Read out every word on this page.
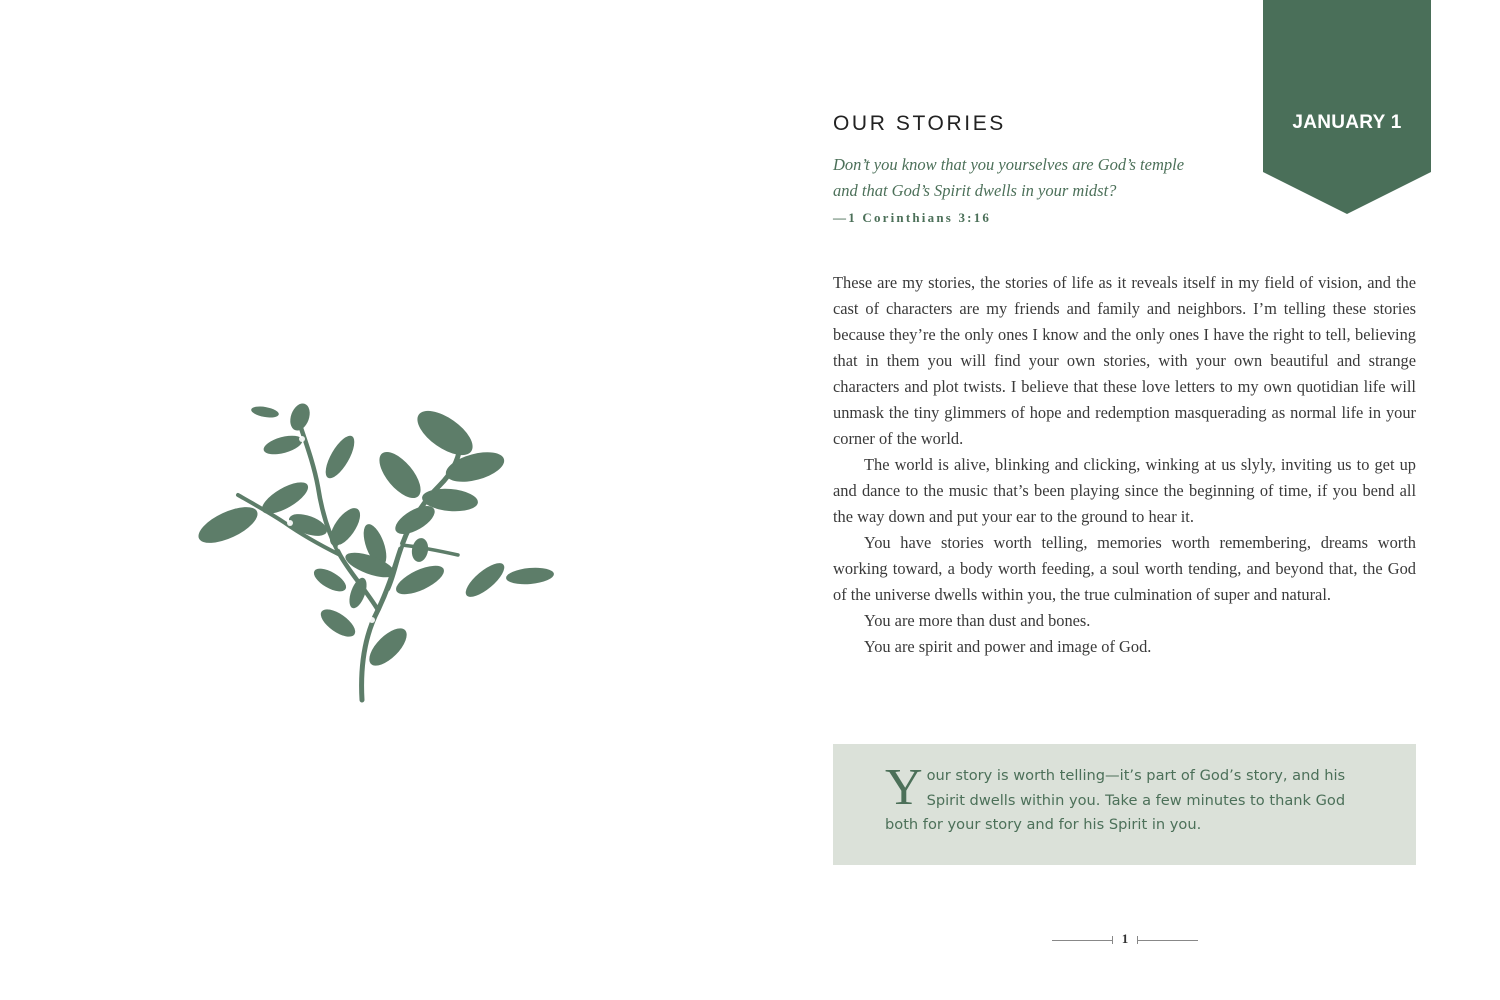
JANUARY 1
OUR STORIES
Don’t you know that you yourselves are God’s temple
and that God’s Spirit dwells in your midst?
—1 Corinthians 3:16

These are my stories, the stories of life as it reveals itself in my field of vision, and the cast of characters are my friends and family and neighbors. I’m telling these stories because they’re the only ones I know and the only ones I have the right to tell, believing that in them you will find your own stories, with your own beautiful and strange characters and plot twists. I believe that these love letters to my own quotidian life will unmask the tiny glimmers of hope and redemption masquerading as normal life in your corner of the world.

The world is alive, blinking and clicking, winking at us slyly, inviting us to get up and dance to the music that’s been playing since the beginning of time, if you bend all the way down and put your ear to the ground to hear it.

You have stories worth telling, memories worth remembering, dreams worth working toward, a body worth feeding, a soul worth tending, and beyond that, the God of the universe dwells within you, the true culmination of super and natural.

You are more than dust and bones.

You are spirit and power and image of God.

Your story is worth telling—it’s part of God’s story, and his Spirit dwells within you. Take a few minutes to thank God both for your story and for his Spirit in you.

1
